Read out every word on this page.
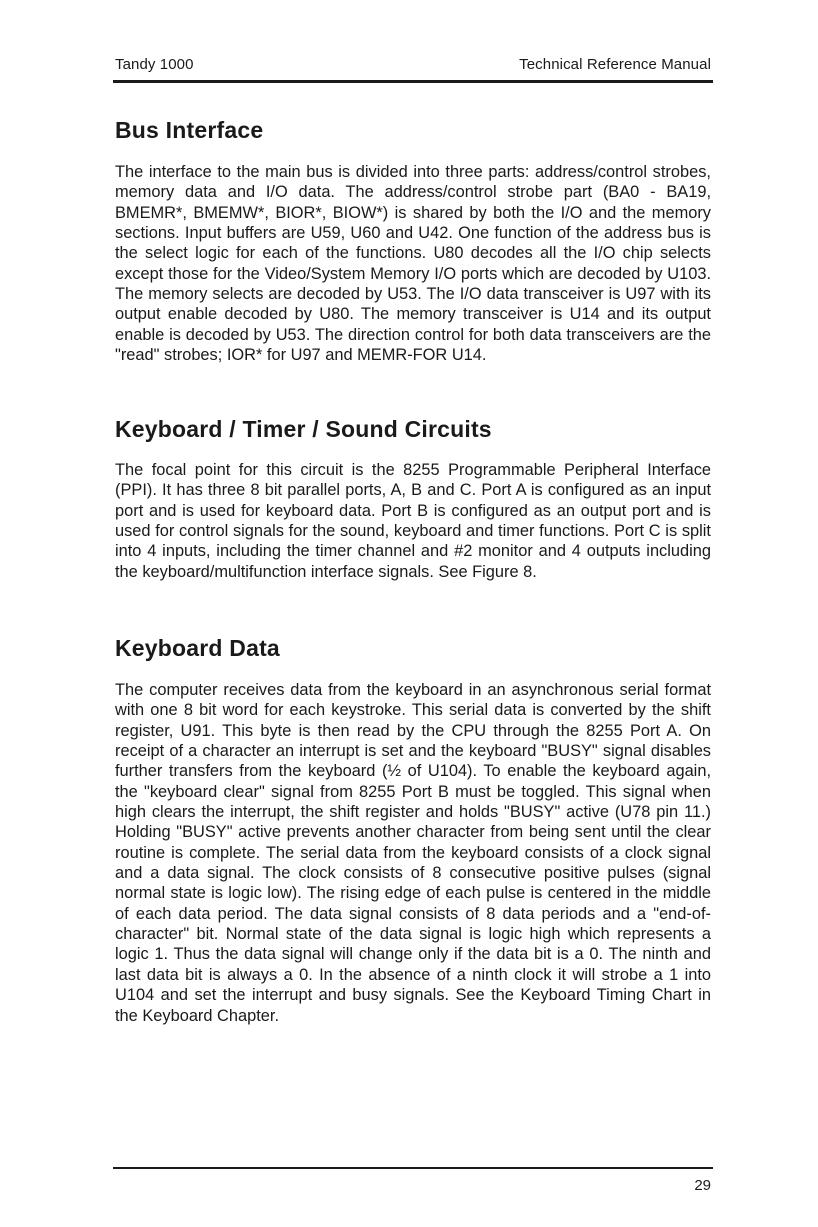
Tandy 1000	Technical Reference Manual
Bus Interface

The interface to the main bus is divided into three parts: address/control strobes, memory data and I/O data. The address/control strobe part (BA0 - BA19, BMEMR*, BMEMW*, BIOR*, BIOW*) is shared by both the I/O and the memory sections. Input buffers are U59, U60 and U42. One function of the address bus is the select logic for each of the functions. U80 decodes all the I/O chip selects except those for the Video/System Memory I/O ports which are decoded by U103. The memory selects are decoded by U53. The I/O data transceiver is U97 with its output enable decoded by U80. The memory transceiver is U14 and its output enable is decoded by U53. The direction control for both data transceivers are the "read" strobes; IOR* for U97 and MEMR-FOR U14.

Keyboard / Timer / Sound Circuits

The focal point for this circuit is the 8255 Programmable Peripheral Interface (PPI). It has three 8 bit parallel ports, A, B and C. Port A is configured as an input port and is used for keyboard data. Port B is configured as an output port and is used for control signals for the sound, keyboard and timer functions. Port C is split into 4 inputs, including the timer channel and #2 monitor and 4 outputs including the keyboard/multifunction interface signals. See Figure 8.

Keyboard Data

The computer receives data from the keyboard in an asynchronous serial format with one 8 bit word for each keystroke. This serial data is converted by the shift register, U91. This byte is then read by the CPU through the 8255 Port A. On receipt of a character an interrupt is set and the keyboard "BUSY" signal disables further transfers from the keyboard (½ of U104). To enable the keyboard again, the "keyboard clear" signal from 8255 Port B must be toggled. This signal when high clears the interrupt, the shift register and holds "BUSY" active (U78 pin 11.) Holding "BUSY" active prevents another character from being sent until the clear routine is complete. The serial data from the keyboard consists of a clock signal and a data signal. The clock consists of 8 consecutive positive pulses (signal normal state is logic low). The rising edge of each pulse is centered in the middle of each data period. The data signal consists of 8 data periods and a "end-of-character" bit. Normal state of the data signal is logic high which represents a logic 1. Thus the data signal will change only if the data bit is a 0. The ninth and last data bit is always a 0. In the absence of a ninth clock it will strobe a 1 into U104 and set the interrupt and busy signals. See the Keyboard Timing Chart in the Keyboard Chapter.

29
